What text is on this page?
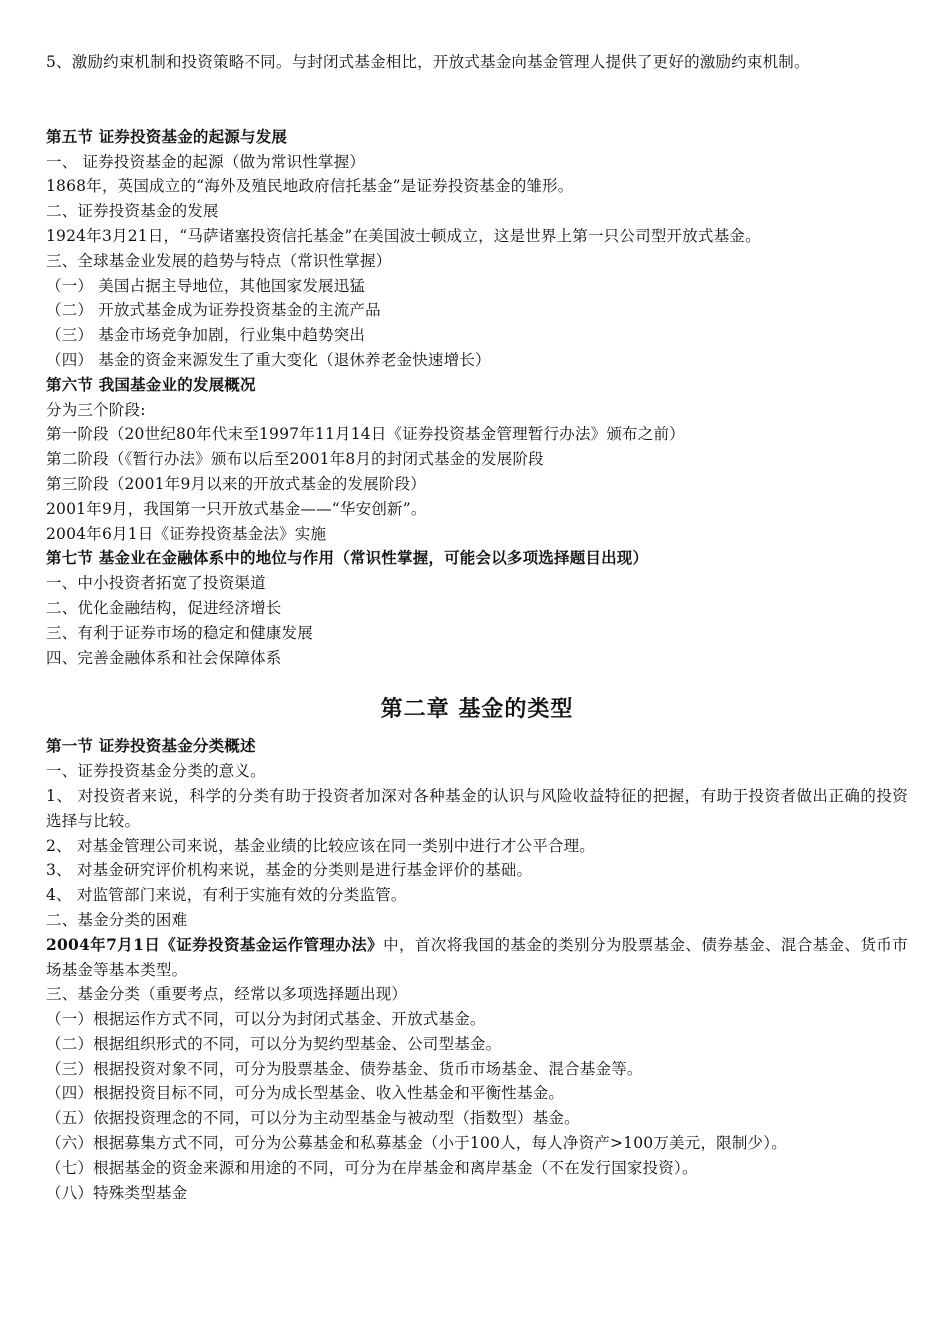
5、激励约束机制和投资策略不同。与封闭式基金相比，开放式基金向基金管理人提供了更好的激励约束机制。

第五节 证券投资基金的起源与发展

一、 证券投资基金的起源（做为常识性掌握）

1868年，英国成立的“海外及殖民地政府信托基金”是证券投资基金的雏形。

二、证券投资基金的发展

1924年3月21日，“马萨诸塞投资信托基金”在美国波士顿成立，这是世界上第一只公司型开放式基金。

三、全球基金业发展的趋势与特点（常识性掌握）

（一） 美国占据主导地位，其他国家发展迅猛

（二） 开放式基金成为证券投资基金的主流产品

（三） 基金市场竞争加剧，行业集中趋势突出

（四） 基金的资金来源发生了重大变化（退休养老金快速增长）

第六节 我国基金业的发展概况

分为三个阶段:

第一阶段（20世纪80年代末至1997年11月14日《证券投资基金管理暂行办法》颁布之前）

第二阶段（《暂行办法》颁布以后至2001年8月的封闭式基金的发展阶段

第三阶段（2001年9月以来的开放式基金的发展阶段）

2001年9月，我国第一只开放式基金——“华安创新”。

2004年6月1日《证券投资基金法》实施

第七节 基金业在金融体系中的地位与作用（常识性掌握，可能会以多项选择题目出现）

一、中小投资者拓宽了投资渠道

二、优化金融结构，促进经济增长

三、有利于证券市场的稳定和健康发展

四、完善金融体系和社会保障体系

第二章 基金的类型

第一节 证券投资基金分类概述

一、证券投资基金分类的意义。

1、 对投资者来说，科学的分类有助于投资者加深对各种基金的认识与风险收益特征的把握，有助于投资者做出正确的投资选择与比较。

2、 对基金管理公司来说，基金业绩的比较应该在同一类别中进行才公平合理。

3、 对基金研究评价机构来说，基金的分类则是进行基金评价的基础。

4、 对监管部门来说，有利于实施有效的分类监管。

二、基金分类的困难

2004年7月1日《证券投资基金运作管理办法》中，首次将我国的基金的类别分为股票基金、债券基金、混合基金、货币市场基金等基本类型。

三、基金分类（重要考点，经常以多项选择题出现）

（一）根据运作方式不同，可以分为封闭式基金、开放式基金。

（二）根据组织形式的不同，可以分为契约型基金、公司型基金。

（三）根据投资对象不同，可分为股票基金、债券基金、货币市场基金、混合基金等。

（四）根据投资目标不同，可分为成长型基金、收入性基金和平衡性基金。

（五）依据投资理念的不同，可以分为主动型基金与被动型（指数型）基金。

（六）根据募集方式不同，可分为公募基金和私募基金（小于100人，每人净资产>100万美元，限制少）。

（七）根据基金的资金来源和用途的不同，可分为在岸基金和离岸基金（不在发行国家投资）。

（八）特殊类型基金
